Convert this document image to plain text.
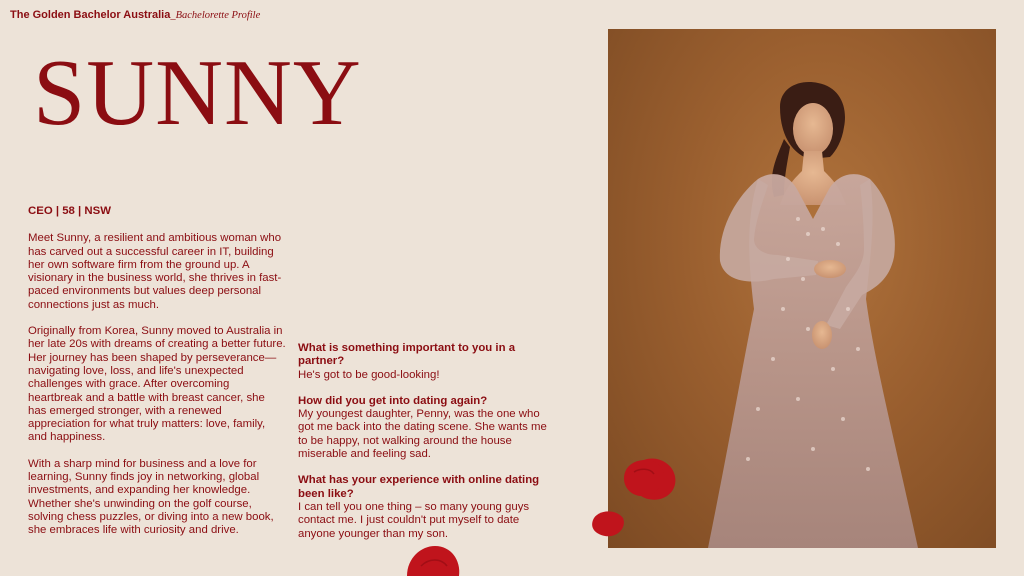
The Golden Bachelor Australia_Bachelorette Profile
SUNNY
CEO | 58 | NSW

Meet Sunny, a resilient and ambitious woman who has carved out a successful career in IT, building her own software firm from the ground up. A visionary in the business world, she thrives in fast-paced environments but values deep personal connections just as much.

Originally from Korea, Sunny moved to Australia in her late 20s with dreams of creating a better future. Her journey has been shaped by perseverance—navigating love, loss, and life's unexpected challenges with grace. After overcoming heartbreak and a battle with breast cancer, she has emerged stronger, with a renewed appreciation for what truly matters: love, family, and happiness.

With a sharp mind for business and a love for learning, Sunny finds joy in networking, global investments, and expanding her knowledge. Whether she's unwinding on the golf course, solving chess puzzles, or diving into a new book, she embraces life with curiosity and drive.

What is something important to you in a partner?
He's got to be good-looking!
How did you get into dating again?
My youngest daughter, Penny, was the one who got me back into the dating scene. She wants me to be happy, not walking around the house miserable and feeling sad.
What has your experience with online dating been like?
I can tell you one thing – so many young guys contact me. I just couldn't put myself to date anyone younger than my son.
